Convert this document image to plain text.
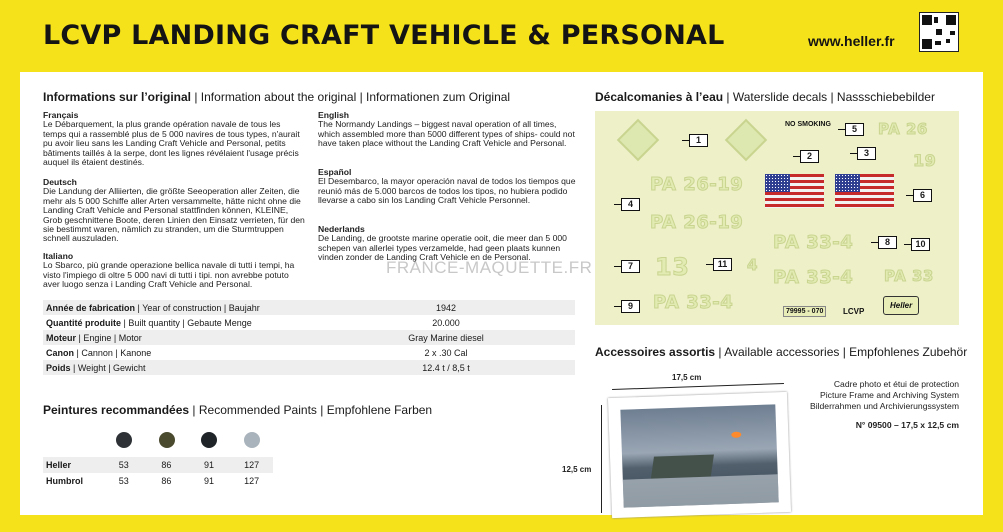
LCVP LANDING CRAFT VEHICLE & PERSONAL	www.heller.fr
Informations sur l’original | Information about the original | Informationen zum Original
Français
Le Débarquement, la plus grande opération navale de tous les temps qui a rassemblé plus de 5 000 navires de tous types, n'aurait pu avoir lieu sans les Landing Craft Vehicle and Personal, petits bâtiments taillés à la serpe, dont les lignes révélaient l'usage précis auquel ils étaient destinés.
Deutsch
Die Landung der Alliierten, die größte Seeoperation aller Zeiten, die mehr als 5 000 Schiffe aller Arten versammelte, hätte nicht ohne die Landing Craft Vehicle and Personal stattfinden können, KLEINE, Grob geschnittene Boote, deren Linien den Einsatz verrieten, für den sie bestimmt waren, nämlich zu stranden, um die Sturmtruppen schnell auszuladen.
Italiano
Lo Sbarco, più grande operazione bellica navale di tutti i tempi, ha visto l'impiego di oltre 5 000 navi di tutti i tipi. non avrebbe potuto aver luogo senza i Landing Craft Vehicle and Personal.
English
The Normandy Landings – biggest naval operation of all times, which assembled more than 5000 different types of ships- could not have taken place without the Landing Craft Vehicle and Personal.
Español
El Desembarco, la mayor operación naval de todos los tiempos que reunió más de 5.000 barcos de todos los tipos, no hubiera podido llevarse a cabo sin los Landing Craft Vehicle Personnel.
Nederlands
De Landing, de grootste marine operatie ooit, die meer dan 5 000 schepen van allerlei types verzamelde, had geen plaats kunnen vinden zonder de Landing Craft Vehicle en de Personal.
Année de fabrication | Year of construction | Baujahr	1942
Quantité produite | Built quantity | Gebaute Menge	20.000
Moteur | Engine | Motor	Gray Marine diesel
Canon | Cannon | Kanone	2 x .30 Cal
Poids | Weight | Gewicht	12.4 t / 8,5 t
Peintures recommandées | Recommended Paints | Empfohlene Farben
Heller	53	86	91	127
Humbrol	53	86	91	127
Décalcomanies à l’eau | Waterslide decals | Nassschiebebilder
NO SMOKING	PA 26
19
PA 26-19
PA 26-19
PA 33-4
PA 33-4
PA 33-4
PA 33
13	4
79995 - 070	LCVP
Heller
1
2	3
4
5
6
7
8
9
10
11
Accessoires assortis | Available accessories | Empfohlenes Zubehör
Cadre photo et étui de protection
Picture Frame and Archiving System
Bilderrahmen und Archivierungssystem
N° 09500 – 17,5 x 12,5 cm
17,5 cm
12,5 cm
FRANCE-MAQUETTE.FR
